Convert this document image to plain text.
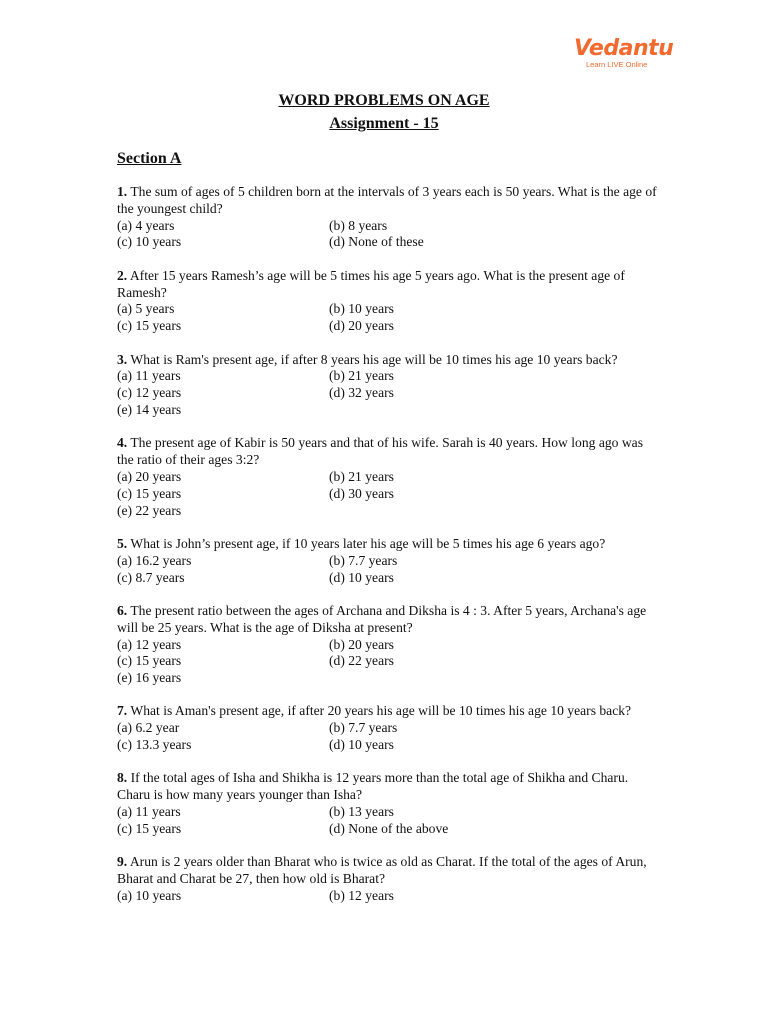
Vedantu
Learn LIVE Online
WORD PROBLEMS ON AGE
Assignment - 15
Section A

1. The sum of ages of 5 children born at the intervals of 3 years each is 50 years. What is the age of the youngest child?

(a) 4 years	(b) 8 years
(c) 10 years	(d) None of these

2. After 15 years Ramesh’s age will be 5 times his age 5 years ago. What is the present age of Ramesh?

(a) 5 years	(b) 10 years
(c) 15 years	(d) 20 years

3. What is Ram's present age, if after 8 years his age will be 10 times his age 10 years back?

(a) 11 years	(b) 21 years
(c) 12 years	(d) 32 years
(e) 14 years

4. The present age of Kabir is 50 years and that of his wife. Sarah is 40 years. How long ago was the ratio of their ages 3:2?

(a) 20 years	(b) 21 years
(c) 15 years	(d) 30 years
(e) 22 years

5. What is John’s present age, if 10 years later his age will be 5 times his age 6 years ago?

(a) 16.2 years	(b) 7.7 years
(c) 8.7 years	(d) 10 years

6. The present ratio between the ages of Archana and Diksha is 4 : 3. After 5 years, Archana's age will be 25 years. What is the age of Diksha at present?

(a) 12 years	(b) 20 years
(c) 15 years	(d) 22 years
(e) 16 years

7. What is Aman's present age, if after 20 years his age will be 10 times his age 10 years back?

(a) 6.2 year	(b) 7.7 years
(c) 13.3 years	(d) 10 years

8. If the total ages of Isha and Shikha is 12 years more than the total age of Shikha and Charu. Charu is how many years younger than Isha?

(a) 11 years	(b) 13 years
(c) 15 years	(d) None of the above

9. Arun is 2 years older than Bharat who is twice as old as Charat. If the total of the ages of Arun, Bharat and Charat be 27, then how old is Bharat?

(a) 10 years	(b) 12 years
